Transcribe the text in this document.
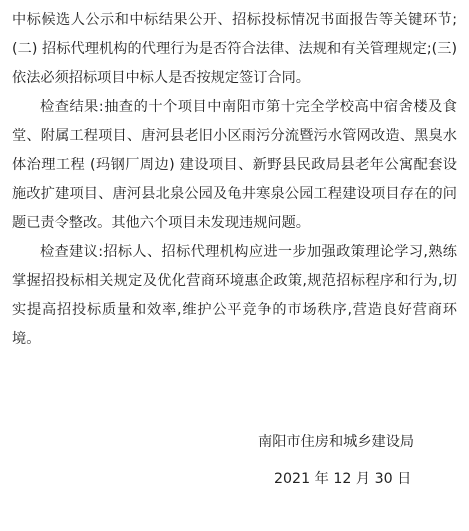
中标候选人公示和中标结果公开、招标投标情况书面报告等关键环节;(二) 招标代理机构的代理行为是否符合法律、法规和有关管理规定;(三) 依法必须招标项目中标人是否按规定签订合同。

检查结果:抽查的十个项目中南阳市第十完全学校高中宿舍楼及食堂、附属工程项目、唐河县老旧小区雨污分流暨污水管网改造、黑臭水体治理工程 (玛钢厂周边) 建设项目、新野县民政局县老年公寓配套设施改扩建项目、唐河县北泉公园及龟井寒泉公园工程建设项目存在的问题已责令整改。其他六个项目未发现违规问题。

检查建议:招标人、招标代理机构应进一步加强政策理论学习,熟练掌握招投标相关规定及优化营商环境惠企政策,规范招标程序和行为,切实提高招投标质量和效率,维护公平竞争的市场秩序,营造良好营商环境。

南阳市住房和城乡建设局

2021 年 12 月 30 日
